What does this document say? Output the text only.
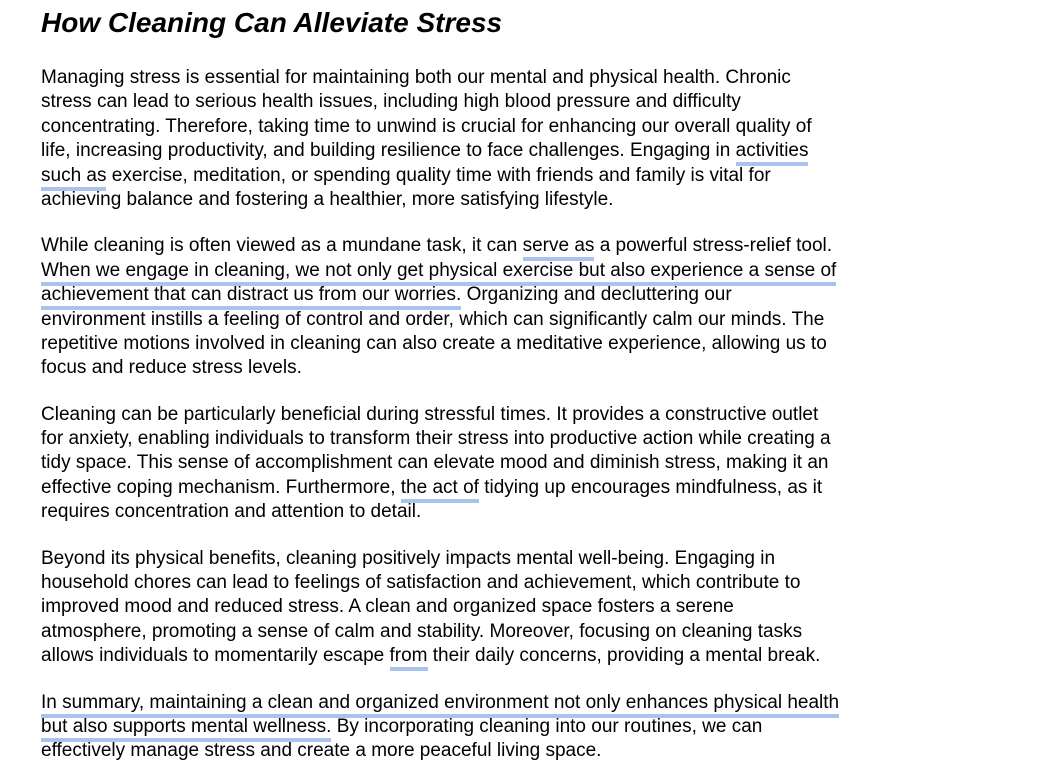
How Cleaning Can Alleviate Stress
Managing stress is essential for maintaining both our mental and physical health. Chronic
stress can lead to serious health issues, including high blood pressure and difficulty
concentrating. Therefore, taking time to unwind is crucial for enhancing our overall quality of
life, increasing productivity, and building resilience to face challenges. Engaging in activities
such as exercise, meditation, or spending quality time with friends and family is vital for
achieving balance and fostering a healthier, more satisfying lifestyle.
While cleaning is often viewed as a mundane task, it can serve as a powerful stress-relief tool.
When we engage in cleaning, we not only get physical exercise but also experience a sense of
achievement that can distract us from our worries. Organizing and decluttering our
environment instills a feeling of control and order, which can significantly calm our minds. The
repetitive motions involved in cleaning can also create a meditative experience, allowing us to
focus and reduce stress levels.
Cleaning can be particularly beneficial during stressful times. It provides a constructive outlet
for anxiety, enabling individuals to transform their stress into productive action while creating a
tidy space. This sense of accomplishment can elevate mood and diminish stress, making it an
effective coping mechanism. Furthermore, the act of tidying up encourages mindfulness, as it
requires concentration and attention to detail.
Beyond its physical benefits, cleaning positively impacts mental well-being. Engaging in
household chores can lead to feelings of satisfaction and achievement, which contribute to
improved mood and reduced stress. A clean and organized space fosters a serene
atmosphere, promoting a sense of calm and stability. Moreover, focusing on cleaning tasks
allows individuals to momentarily escape from their daily concerns, providing a mental break.
In summary, maintaining a clean and organized environment not only enhances physical health
but also supports mental wellness. By incorporating cleaning into our routines, we can
effectively manage stress and create a more peaceful living space.
